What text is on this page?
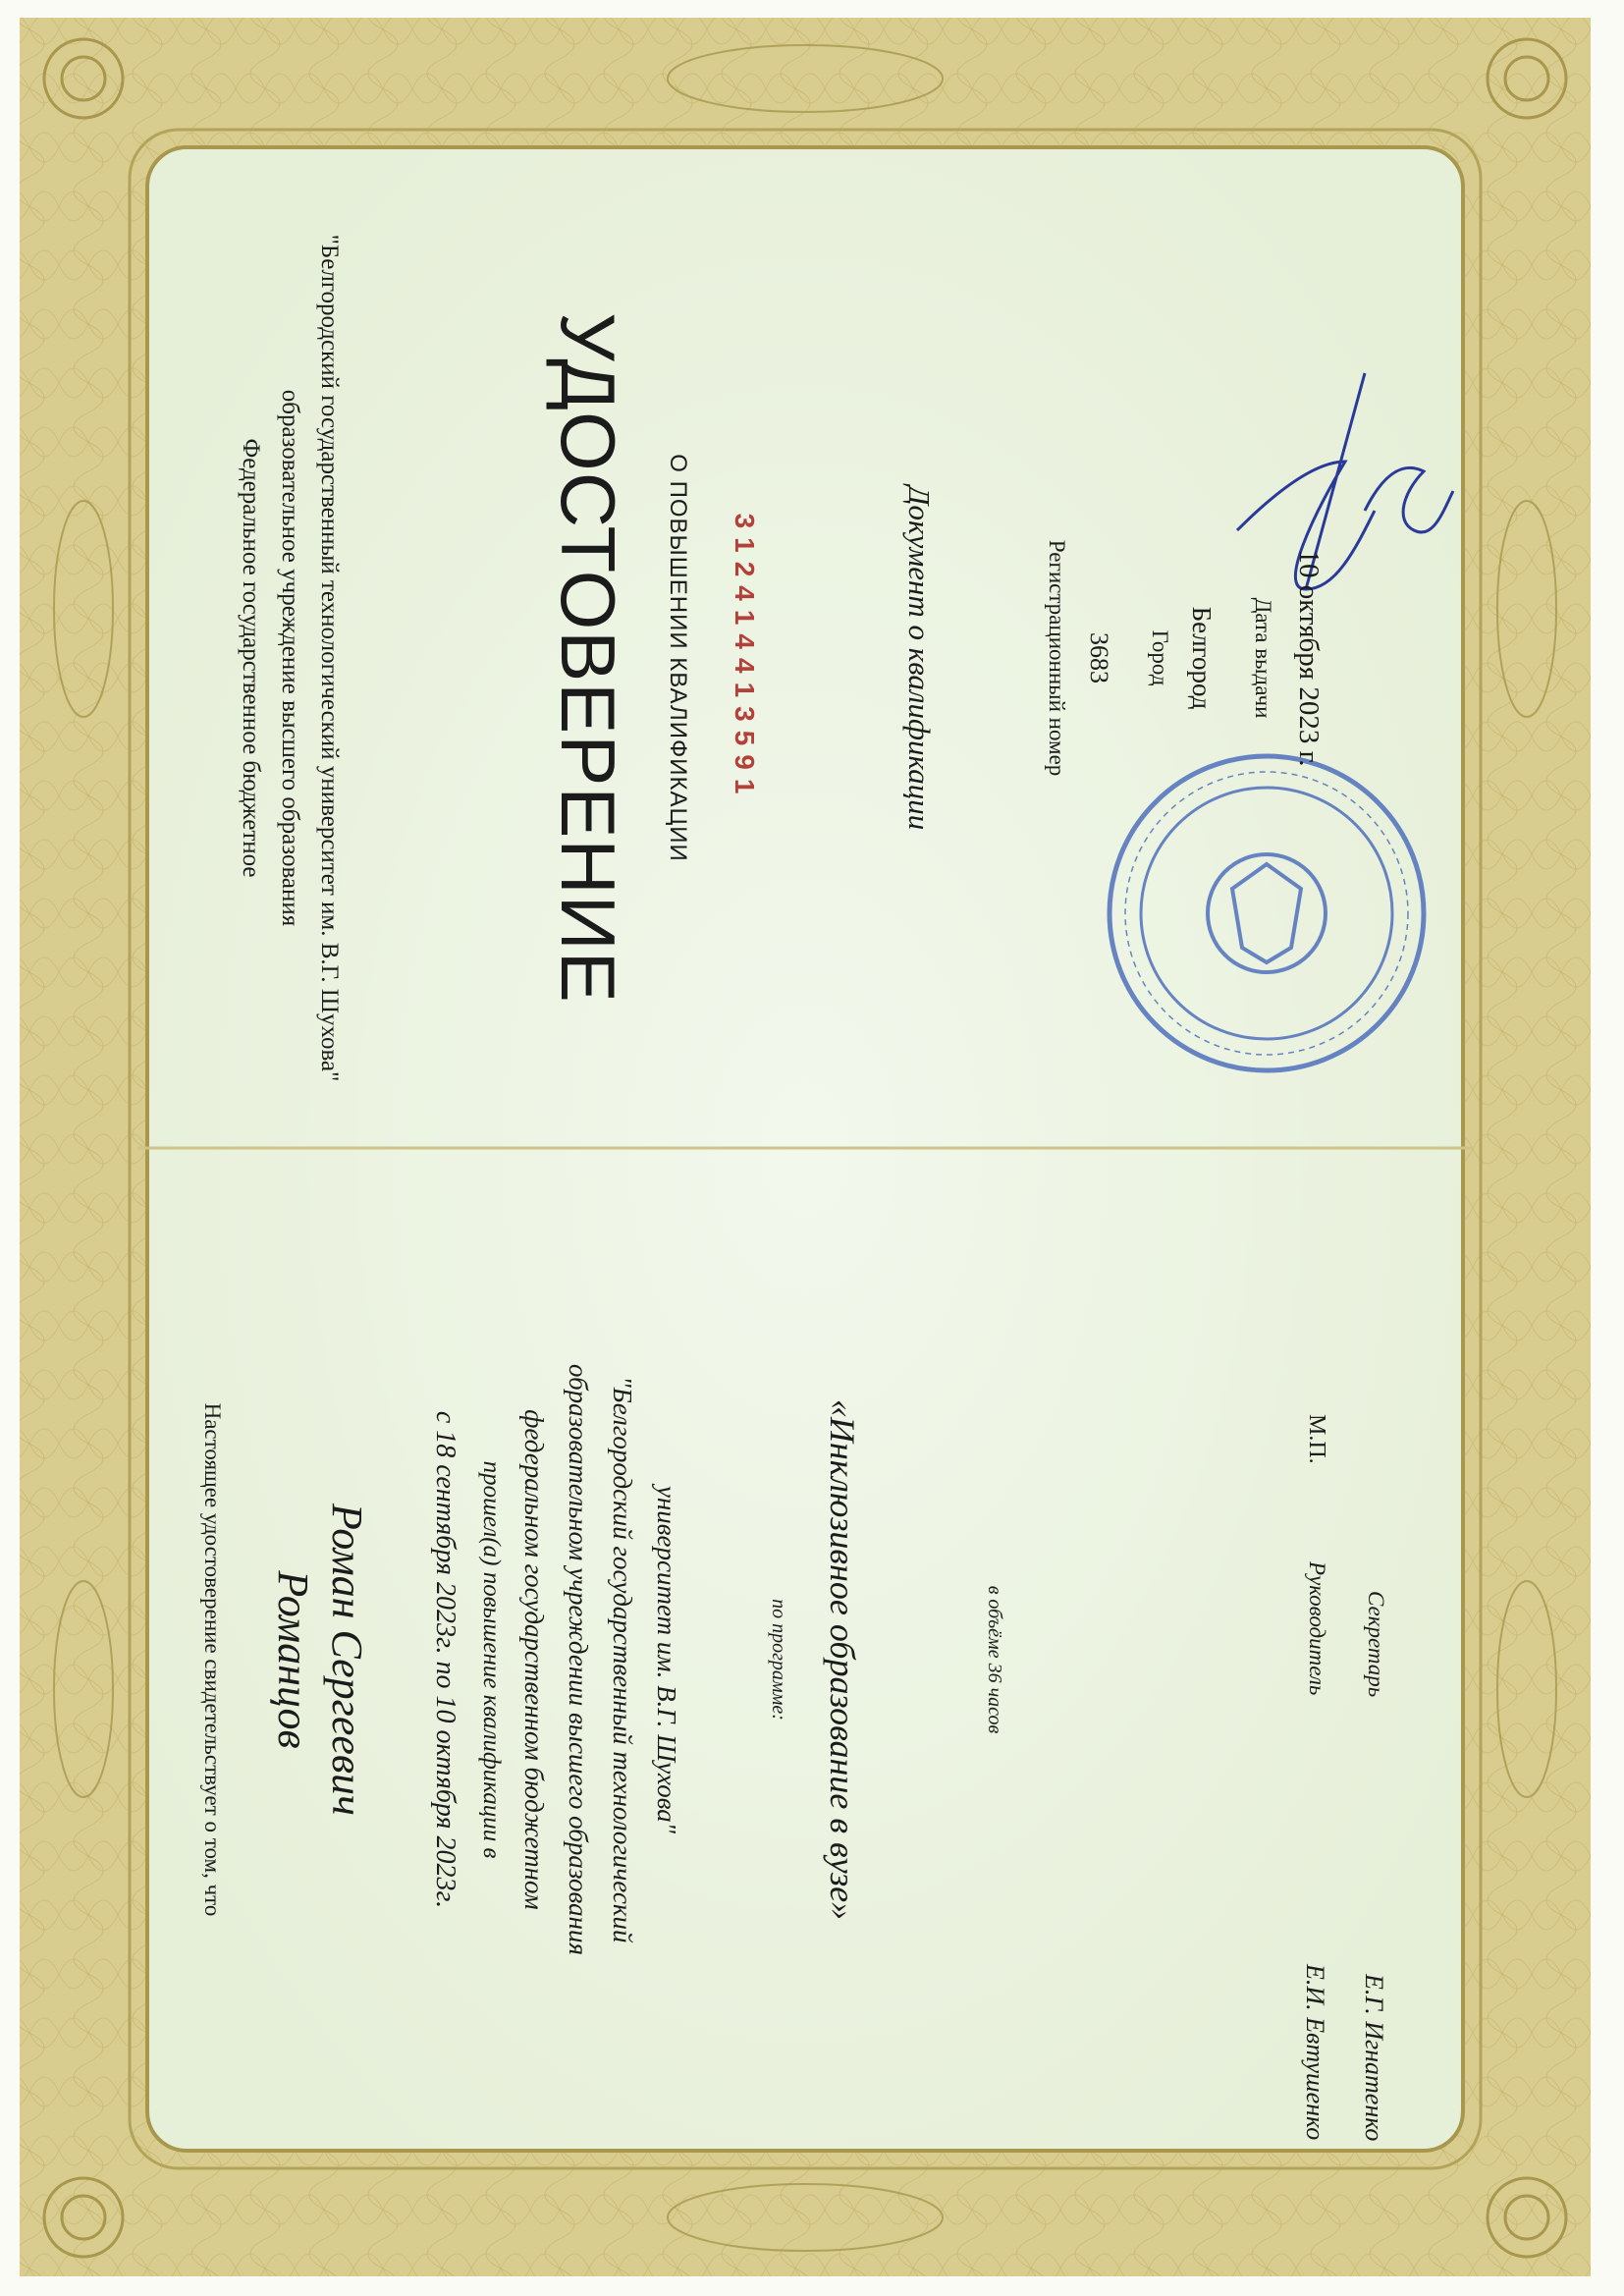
Федеральное государственное бюджетное образовательное учреждение высшего образования "Белгородский государственный технологический университет им. В.Г. Шухова"	УДОСТОВЕРЕНИЕ О ПОВЫШЕНИИ КВАЛИФИКАЦИИ 312414413591	Документ о квалификации	Регистрационный номер 3683 Город Белгород Дата выдачи 10 октября 2023 г.
Настоящее удостоверение свидетельствует о том, что Романцов Роман Сергеевич с 18 сентября 2023г. по 10 октября 2023г. прошел(а) повышение квалификации в федеральном государственном бюджетном образовательном учреждении высшего образования "Белгородский государственный технологический университет им. В.Г. Шухова"	по программе: «Инклюзивное образование в вузе»	в объёме 36 часов
М.П.
Руководитель
Е.И. Евтушенко
Секретарь
Е.Г. Игнатенко
